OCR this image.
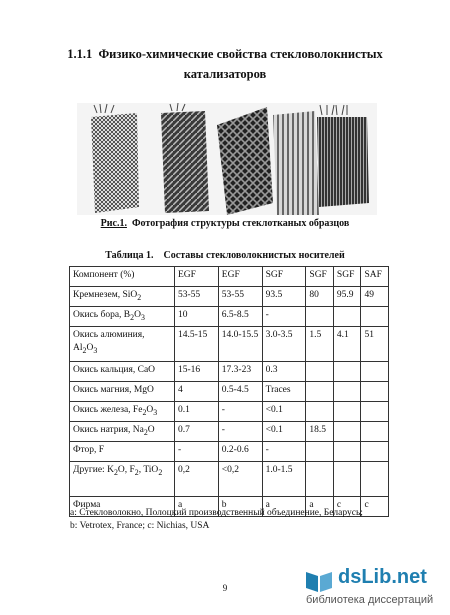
1.1.1 Физико-химические свойства стекловолокнистых
катализаторов
Рис.1. Фотография структуры стеклотканых образцов
Таблица 1. Составы стекловолокнистых носителей
Компонент (%)	EGF	EGF	SGF	SGF	SGF	SAF
Кремнезем, SiO$_2$	53-55	53-55	93.5	80	95.9	49
Окись бора, $B_2O_3$	10	6.5-8.5	-			
Окись алюминия, $Al_2O_3$	14.5-15	14.0-15.5	3.0-3.5	1.5	4.1	51
Окись кальция, CaO	15-16	17.3-23	0.3			
Окись магния, MgO	4	0.5-4.5	Traces			
Окись железа, $Fe_2O_3$	0.1	-	<0.1			
Окись натрия, $Na_2O$	0.7	-	<0.1	18.5		
Фтор, F	-	0.2-0.6	-			
Другие: $K_2O$, $F_2$, TiO$_2$	0,2	<0,2	1.0-1.5			
Фирма	a	b	a	a	c	c
a: Стекловолокно, Полоцкий производственный объединение, Беларусь;
b: Vetrotex, France; c: Nichias, USA
9	dsLib.net
библиотека диссертаций
